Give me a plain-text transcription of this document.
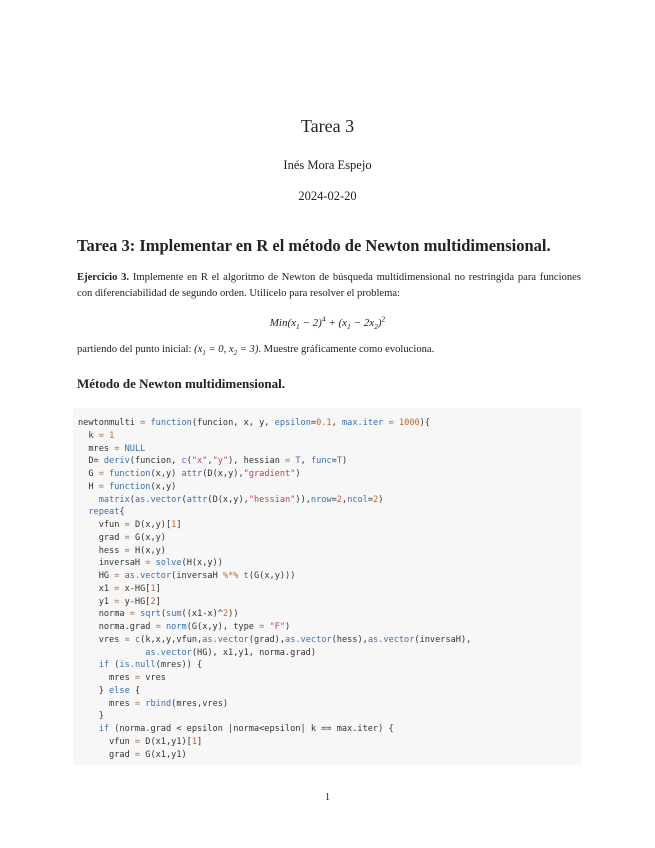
Tarea 3
Inés Mora Espejo
2024-02-20
Tarea 3: Implementar en R el método de Newton multidimensional.
Ejercicio 3. Implemente en R el algoritmo de Newton de búsqueda multidimensional no restringida para funciones con diferenciabilidad de segundo orden. Utilícelo para resolver el problema:
$Min(x_1 - 2)^4 + (x_1 - 2x_2)^2$
partiendo del punto inicial: ($x_1 = 0$, $x_2 = 3$). Muestre gráficamente como evoluciona.
Método de Newton multidimensional.
newtonmulti = function(funcion, x, y, epsilon=0.1, max.iter = 1000){
k = 1
mres = NULL
D= deriv(funcion, c("x","y"), hessian = T, func=T)
G = function(x,y) attr(D(x,y),"gradient")
H = function(x,y)
matrix(as.vector(attr(D(x,y),"hessian")),nrow=2,ncol=2)
repeat{
vfun = D(x,y)[1]
grad = G(x,y)
hess = H(x,y)
inversaH = solve(H(x,y))
HG = as.vector(inversaH %*% t(G(x,y)))
x1 = x-HG[1]
y1 = y-HG[2]
norma = sqrt(sum((x1-x)^2))
norma.grad = norm(G(x,y), type = "F")
vres = c(k,x,y,vfun,as.vector(grad),as.vector(hess),as.vector(inversaH),
as.vector(HG), x1,y1, norma.grad)
if (is.null(mres)) {
mres = vres
} else {
mres = rbind(mres,vres)
}
if (norma.grad < epsilon |norma<epsilon| k == max.iter) {
vfun = D(x1,y1)[1]
grad = G(x1,y1)
1
